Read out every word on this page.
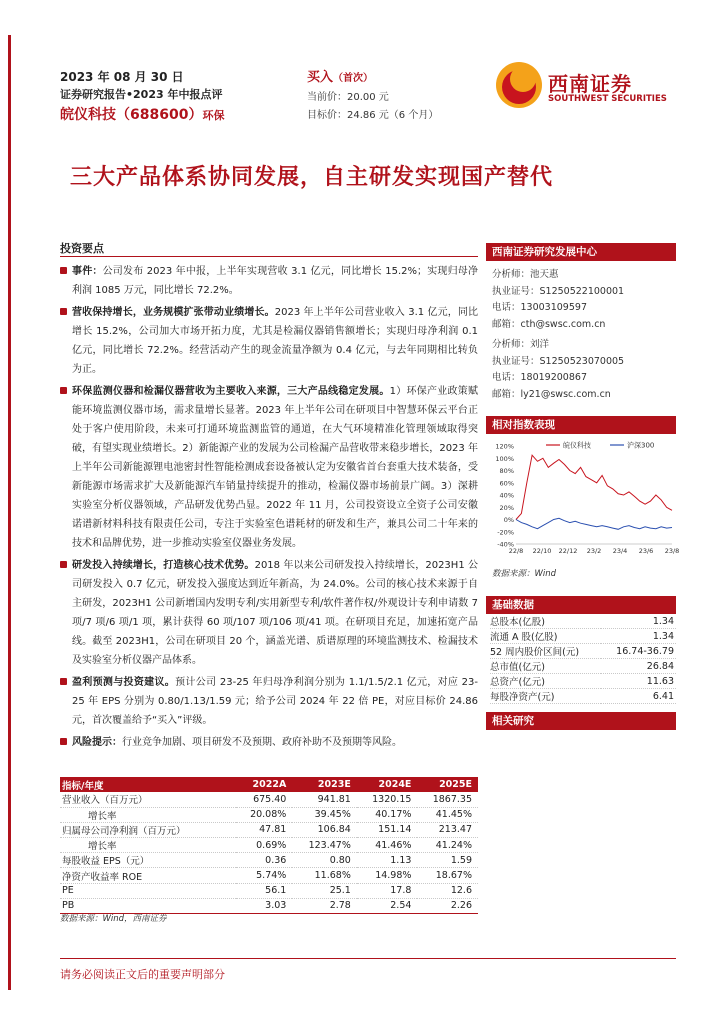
2023 年 08 月 30 日
证券研究报告•2023 年中报点评
皖仪科技（688600）环保
买入（首次）
当前价：20.00 元
目标价：24.86 元（6 个月）
西南证券
SOUTHWEST SECURITIES
三大产品体系协同发展，自主研发实现国产替代
投资要点
事件：公司发布 2023 年中报，上半年实现营收 3.1 亿元，同比增长 15.2%；实现归母净利润 1085 万元，同比增长 72.2%。
营收保持增长，业务规模扩张带动业绩增长。2023 年上半年公司营业收入 3.1 亿元，同比增长 15.2%，公司加大市场开拓力度，尤其是检漏仪器销售额增长；实现归母净利润 0.1 亿元，同比增长 72.2%。经营活动产生的现金流量净额为 0.4 亿元，与去年同期相比转负为正。
环保监测仪器和检漏仪器营收为主要收入来源，三大产品线稳定发展。1）环保产业政策赋能环境监测仪器市场，需求量增长显著。2023 年上半年公司在研项目中智慧环保云平台正处于客户使用阶段，未来可打通环境监测监管的通道，在大气环境精准化管理领域取得突破，有望实现业绩增长。2）新能源产业的发展为公司检漏产品营收带来稳步增长，2023 年上半年公司新能源锂电池密封性智能检测成套设备被认定为安徽省首台套重大技术装备，受新能源市场需求扩大及新能源汽车销量持续提升的推动，检漏仪器市场前景广阔。3）深耕实验室分析仪器领域，产品研发优势凸显。2022 年 11 月，公司投资设立全资子公司安徽诺谱新材料科技有限责任公司，专注于实验室色谱耗材的研发和生产，兼具公司二十年来的技术和品牌优势，进一步推动实验室仪器业务发展。
研发投入持续增长，打造核心技术优势。2018 年以来公司研发投入持续增长，2023H1 公司研发投入 0.7 亿元，研发投入强度达到近年新高，为 24.0%。公司的核心技术来源于自主研发，2023H1 公司新增国内发明专利/实用新型专利/软件著作权/外观设计专利申请数 7 项/7 项/6 项/1 项，累计获得 60 项/107 项/106 项/41 项。在研项目充足，加速拓宽产品线。截至 2023H1，公司在研项目 20 个，涵盖光谱、质谱原理的环境监测技术、检漏技术及实验室分析仪器产品体系。
盈利预测与投资建议。预计公司 23-25 年归母净利润分别为 1.1/1.5/2.1 亿元，对应 23-25 年 EPS 分别为 0.80/1.13/1.59 元；给予公司 2024 年 22 倍 PE，对应目标价 24.86 元，首次覆盖给予“买入”评级。
风险提示：行业竞争加剧、项目研发不及预期、政府补助不及预期等风险。
指标/年度	2022A	2023E	2024E	2025E
营业收入（百万元）	675.40	941.81	1320.15	1867.35
增长率	20.08%	39.45%	40.17%	41.45%
归属母公司净利润（百万元）	47.81	106.84	151.14	213.47
增长率	0.69%	123.47%	41.46%	41.24%
每股收益 EPS（元）	0.36	0.80	1.13	1.59
净资产收益率 ROE	5.74%	11.68%	14.98%	18.67%
PE	56.1	25.1	17.8	12.6
PB	3.03	2.78	2.54	2.26
数据来源：Wind，西南证券
西南证券研究发展中心
分析师：池天惠
执业证号：S1250522100001
电话：13003109597
邮箱：cth@swsc.com.cn
分析师：刘洋
执业证号：S1250523070005
电话：18019200867
邮箱：ly21@swsc.com.cn
相对指数表现
120%
100%
80%
60%
40%
20%
0%
-20%
-40%
22/8 22/10 22/12 23/2 23/4 23/6 23/8
皖仪科技	沪深300
数据来源：Wind
基础数据
总股本(亿股)	1.34
流通 A 股(亿股)	1.34
52 周内股价区间(元)	16.74-36.79
总市值(亿元)	26.84
总资产(亿元)	11.63
每股净资产(元)	6.41
相关研究
请务必阅读正文后的重要声明部分
